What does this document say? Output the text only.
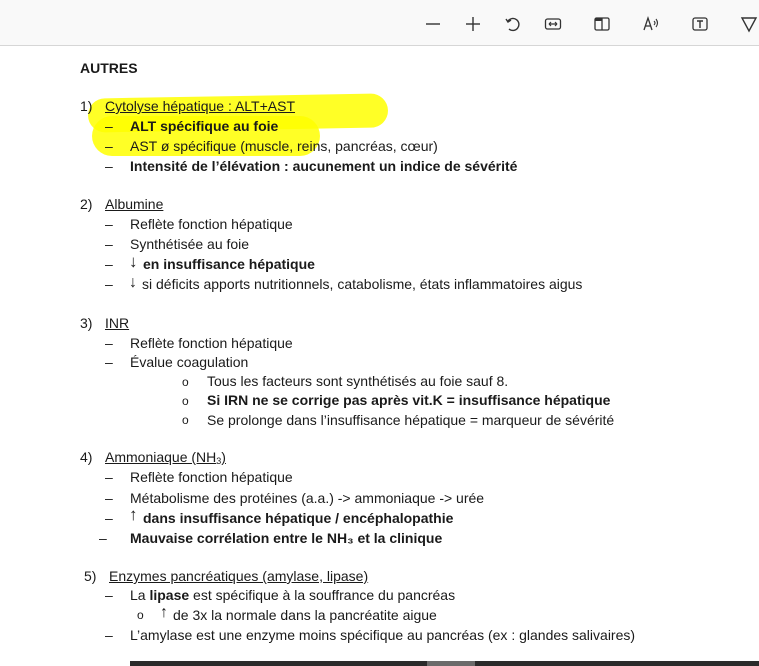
AUTRES
1) Cytolyse hépatique : ALT+AST
– ALT spécifique au foie
– AST ø spécifique (muscle, reins, pancréas, cœur)
– Intensité de l’élévation : aucunement un indice de sévérité
2) Albumine
– Reflète fonction hépatique
– Synthétisée au foie
– ↓ en insuffisance hépatique
– ↓ si déficits apports nutritionnels, catabolisme, états inflammatoires aigus
3) INR
– Reflète fonction hépatique
– Évalue coagulation
o Tous les facteurs sont synthétisés au foie sauf 8.
o Si IRN ne se corrige pas après vit.K = insuffisance hépatique
o Se prolonge dans l’insuffisance hépatique = marqueur de sévérité
4) Ammoniaque $(NH_3)$
– Reflète fonction hépatique
– Métabolisme des protéines (a.a.) -> ammoniaque -> urée
– ↑ dans insuffisance hépatique / encéphalopathie
– Mauvaise corrélation entre le NH₃ et la clinique
5) Enzymes pancréatiques (amylase, lipase)
– La lipase est spécifique à la souffrance du pancréas
o ↑ de 3x la normale dans la pancréatite aigue
– L’amylase est une enzyme moins spécifique au pancréas (ex : glandes salivaires)
